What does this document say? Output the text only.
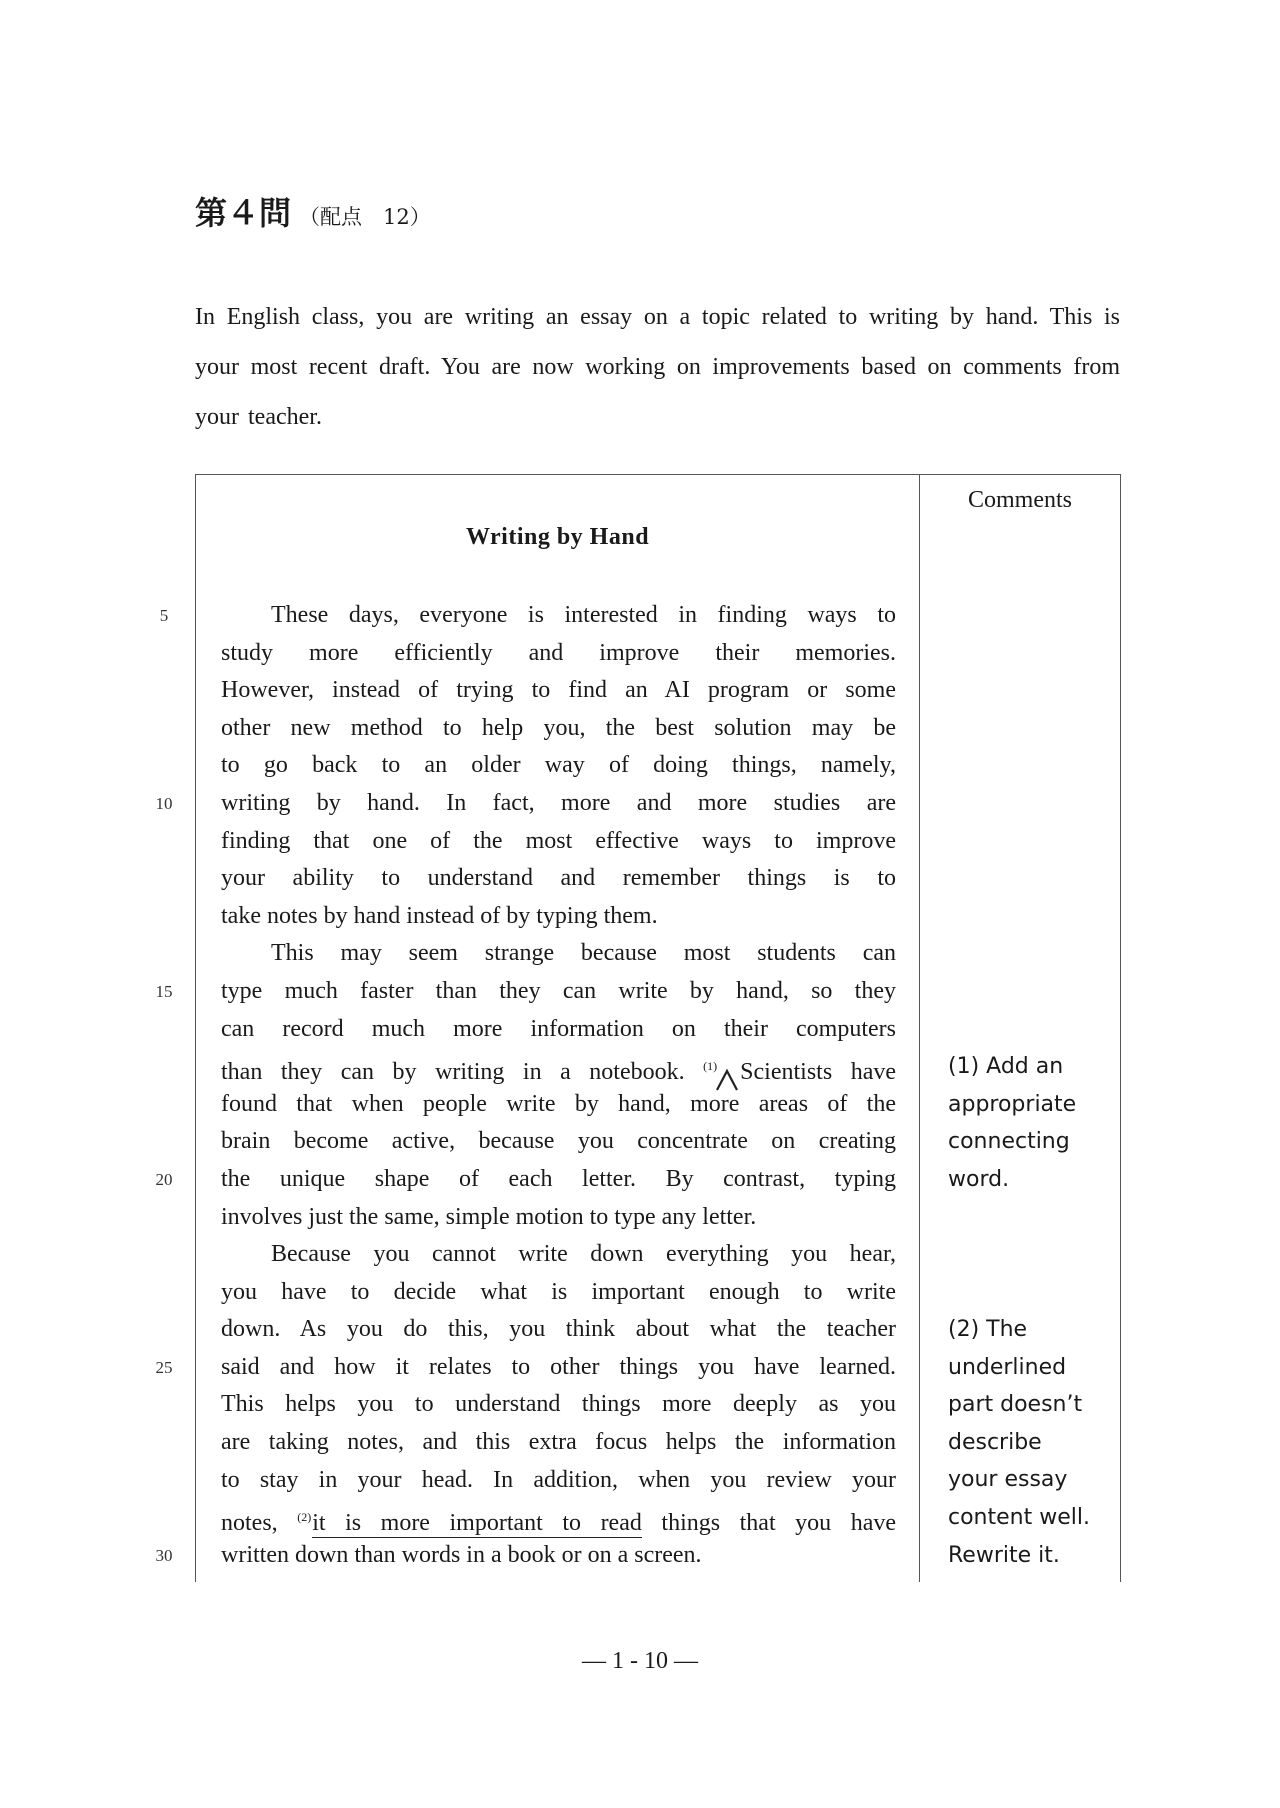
第４問 （配点　12）
In English class, you are writing an essay on a topic related to writing by hand. This is your most recent draft. You are now working on improvements based on comments from your teacher.
Comments
Writing by Hand
These days, everyone is interested in finding ways to
study more efficiently and improve their memories.
However, instead of trying to find an AI program or some
other new method to help you, the best solution may be
to go back to an older way of doing things, namely,
writing by hand. In fact, more and more studies are
finding that one of the most effective ways to improve
your ability to understand and remember things is to
take notes by hand instead of by typing them.
This may seem strange because most students can
type much faster than they can write by hand, so they
can record much more information on their computers
than they can by writing in a notebook. $^{(1)}$ Scientists have
found that when people write by hand, more areas of the
brain become active, because you concentrate on creating
the unique shape of each letter. By contrast, typing
involves just the same, simple motion to type any letter.
Because you cannot write down everything you hear,
you have to decide what is important enough to write
down. As you do this, you think about what the teacher
said and how it relates to other things you have learned.
This helps you to understand things more deeply as you
are taking notes, and this extra focus helps the information
to stay in your head. In addition, when you review your
notes, $^{(2)}$it is more important to read things that you have
written down than words in a book or on a screen.
5
10
15
20
25
30
(1) Add an
appropriate
connecting
word.
(2) The
underlined
part doesn’t
describe
your essay
content well.
Rewrite it.
― 1 - 10 ―
